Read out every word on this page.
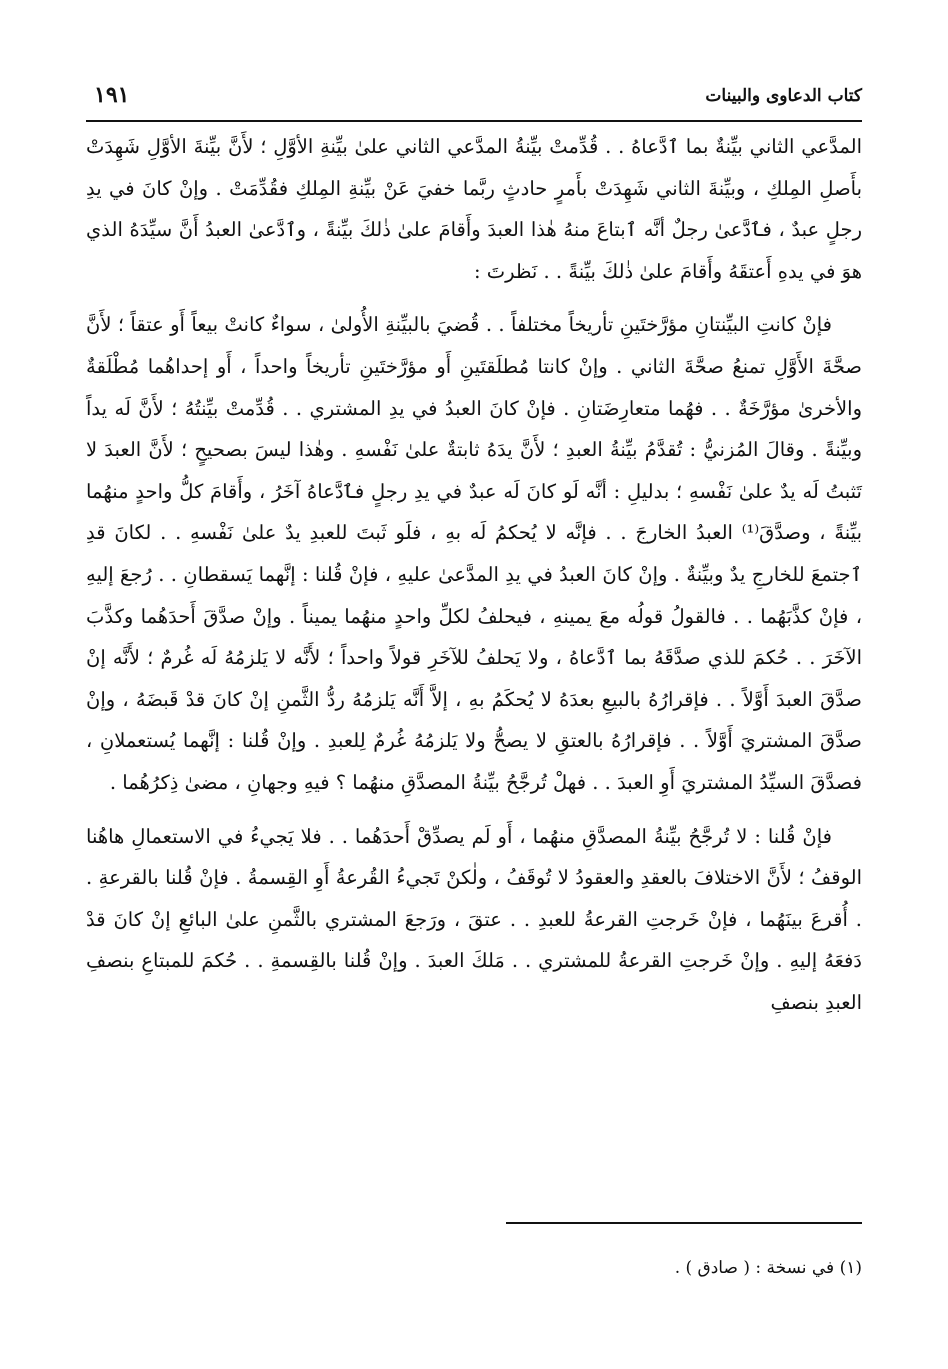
كتاب الدعاوى والبينات
١٩١

المدَّعي الثاني بيِّنةٌ بما ٱدَّعاهُ . . قُدِّمتْ بيِّنةُ المدَّعي الثاني علىٰ بيِّنةِ الأوَّلِ ؛ لأَنَّ بيِّنةَ الأوَّلِ شَهِدَتْ بأَصلِ المِلكِ ، وبيِّنةَ الثاني شَهِدَتْ بأَمرٍ حادثٍ ربَّما خفيَ عَنْ بيِّنةِ المِلكِ فقُدِّمَتْ . وإنْ كانَ في يدِ رجلٍ عبدٌ ، فٱدَّعىٰ رجلٌ أنَّه ٱبتاعَ منهُ هٰذا العبدَ وأَقامَ علىٰ ذٰلكَ بيِّنةً ، وٱدَّعىٰ العبدُ أَنَّ سيِّدَهُ الذي هوَ في يدهِ أَعتقَهُ وأَقامَ علىٰ ذٰلكَ بيِّنةً . . نَظرتَ :

فإنْ كانتِ البيِّنتانِ مؤرَّختَينِ تأريخاً مختلفاً . . قُضيَ بالبيِّنةِ الأُولىٰ ، سواءٌ كانتْ بيعاً أَو عتقاً ؛ لأَنَّ صحَّةَ الأَوَّلِ تمنعُ صحَّةَ الثاني . وإنْ كانتا مُطلَقتَينِ أَو مؤرَّختَينِ تأريخاً واحداً ، أَو إحداهُما مُطْلَقةٌ والأخرىٰ مؤرَّخَةٌ . . فهُما متعارِضَتانِ . فإنْ كانَ العبدُ في يدِ المشتري . . قُدِّمتْ بيِّنتُهُ ؛ لأَنَّ لَه يداً وبيِّنةً . وقالَ المُزنيُّ : تُقدَّمُ بيِّنةُ العبدِ ؛ لأَنَّ يدَهُ ثابتةٌ علىٰ نَفْسهِ . وهٰذا ليسَ بصحيحٍ ؛ لأَنَّ العبدَ لا تَثبتُ لَه يدٌ علىٰ نَفْسهِ ؛ بدليلِ : أنَّه لَو كانَ لَه عبدٌ في يدِ رجلٍ فٱدَّعاهُ آخَرُ ، وأَقامَ كلُّ واحدٍ منهُما بيِّنةً ، وصدَّقَ⁽¹⁾ العبدُ الخارجَ . . فإنَّه لا يُحكمُ لَه بهِ ، فلَو ثَبتَ للعبدِ يدٌ علىٰ نَفْسهِ . . لكانَ قدِ ٱجتمعَ للخارجِ يدٌ وبيِّنةٌ . وإنْ كانَ العبدُ في يدِ المدَّعىٰ عليهِ ، فإنْ قُلنا : إنَّهما يَسقطانِ . . رُجعَ إليهِ ، فإنْ كذَّبَهُما . . فالقولُ قولُه معَ يمينهِ ، فيحلفُ لكلِّ واحدٍ منهُما يميناً . وإنْ صدَّقَ أَحدَهُما وكذَّبَ الآخَرَ . . حُكمَ للذي صدَّقَهُ بما ٱدَّعاهُ ، ولا يَحلفُ للآخَرِ قولاً واحداً ؛ لأَنَّه لا يَلزمُهُ لَه غُرمٌ ؛ لأَنَّه إنْ صدَّقَ العبدَ أَوَّلاً . . فإقرارُهُ بالبيعِ بعدَهُ لا يُحكَمُ بهِ ، إلاَّ أَنَّه يَلزمُهُ ردُّ الثَّمنِ إنْ كانَ قدْ قَبضَهُ ، وإنْ صدَّقَ المشتريَ أَوَّلاً . . فإقرارُهُ بالعتقِ لا يصحُّ ولا يَلزمُهُ غُرمٌ لِلعبدِ . وإنْ قُلنا : إنَّهما يُستعملانِ ، فصدَّقَ السيِّدُ المشتريَ أَوِ العبدَ . . فهلْ تُرجَّحُ بيِّنةُ المصدَّقِ منهُما ؟ فيهِ وجهانِ ، مضىٰ ذِكرُهُما .

فإنْ قُلنا : لا تُرجَّحُ بيِّنةُ المصدَّقِ منهُما ، أَو لَم يصدِّقْ أَحدَهُما . . فلا يَجيءُ في الاستعمالِ هاهُنا الوقفُ ؛ لأَنَّ الاختلافَ بالعقدِ والعقودُ لا تُوقَفُ ، ولٰكنْ تَجيءُ القُرعةُ أَوِ القِسمةُ . فإنْ قُلنا بالقرعةِ . . أُقرعَ بينَهُما ، فإنْ خَرجتِ القرعةُ للعبدِ . . عتقَ ، ورَجعَ المشتري بالثَّمنِ علىٰ البائعِ إنْ كانَ قدْ دَفعَهُ إليهِ . وإنْ خَرجتِ القرعةُ للمشتري . . مَلكَ العبدَ . وإنْ قُلنا بالقِسمةِ . . حُكمَ للمبتاعِ بنصفِ العبدِ بنصفِ

(١) في نسخة : ( صادق ) .
